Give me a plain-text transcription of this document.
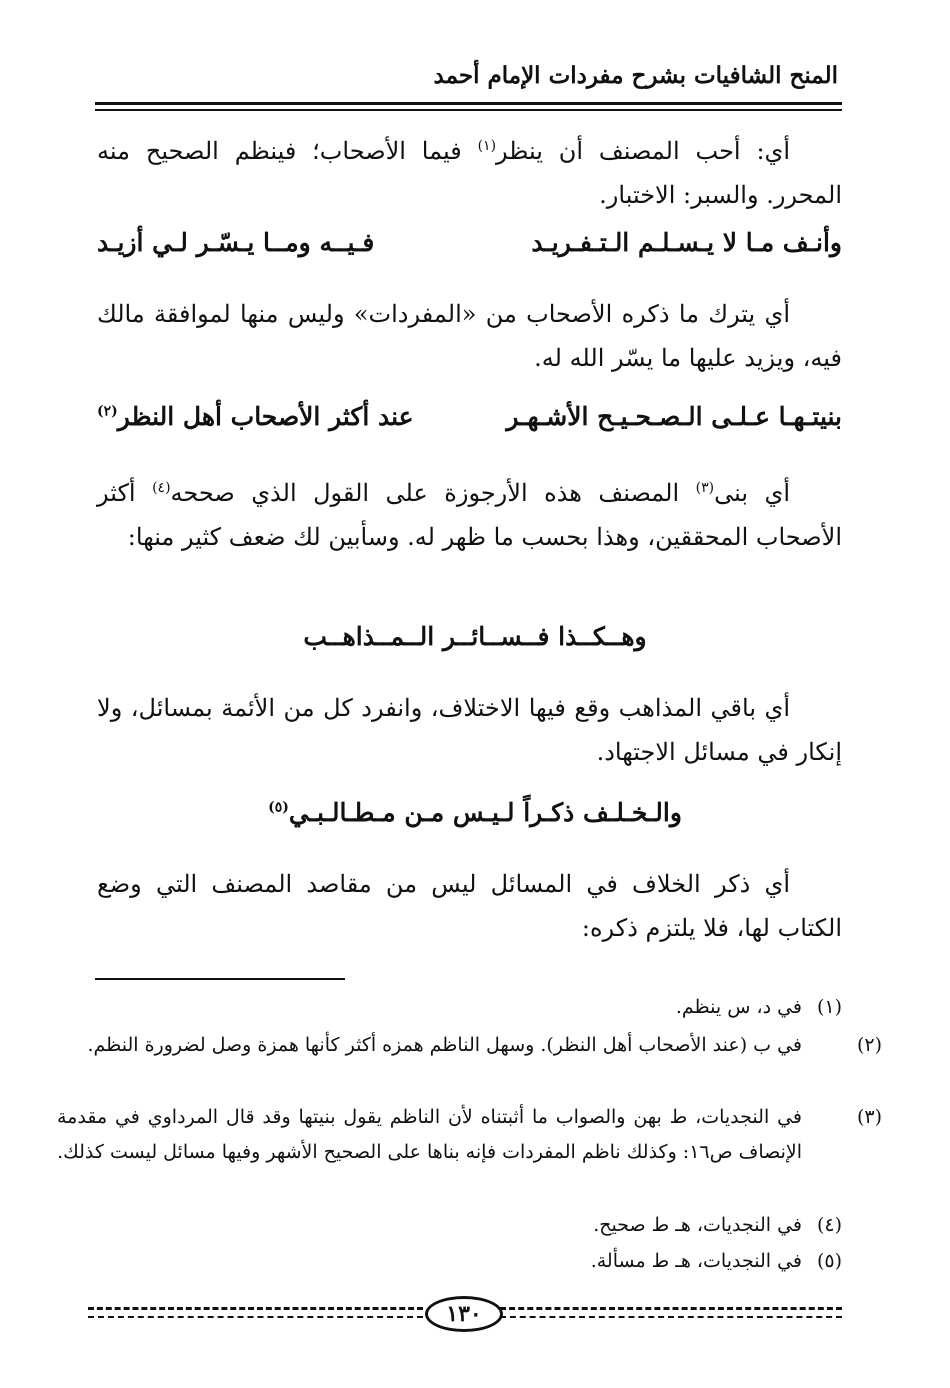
المنح الشافيات بشرح مفردات الإمام أحمد

أي: أحب المصنف أن ينظر$^{(١)}$ فيما الأصحاب؛ فينظم الصحيح منه المحرر. والسبر: الاختبار.

وأنـف مـا لا يـسـلـم الـتـفـريـد
فـيــه ومــا يـسّـر لـي أزيـد

أي يترك ما ذكره الأصحاب من «المفردات» وليس منها لموافقة مالك فيه، ويزيد عليها ما يسّر الله له.

بنيتـهـا عـلـى الـصـحـيـح الأشـهـر
عند أكثر الأصحاب أهل النظر$^{(٢)}$

أي بنى$^{(٣)}$ المصنف هذه الأرجوزة على القول الذي صححه$^{(٤)}$ أكثر الأصحاب المحققين، وهذا بحسب ما ظهر له. وسأبين لك ضعف كثير منها:

وهــكــذا فــســائــر الــمــذاهــب

أي باقي المذاهب وقع فيها الاختلاف، وانفرد كل من الأئمة بمسائل، ولا إنكار في مسائل الاجتهاد.

والـخـلـف ذكـراً لـيـس مـن مـطـالـبـي$^{(٥)}$

أي ذكر الخلاف في المسائل ليس من مقاصد المصنف التي وضع الكتاب لها، فلا يلتزم ذكره:

(١)في د، س ينظم.

(٢)في ب (عند الأصحاب أهل النظر). وسهل الناظم همزه أكثر كأنها همزة وصل لضرورة النظم.

(٣)في النجديات، ط بهن والصواب ما أثبتناه لأن الناظم يقول بنيتها وقد قال المرداوي في مقدمة الإنصاف ص١٦: وكذلك ناظم المفردات فإنه بناها على الصحيح الأشهر وفيها مسائل ليست كذلك.

(٤)في النجديات، هـ ط صحيح.

(٥)في النجديات، هـ ط مسألة.

١٣٠
